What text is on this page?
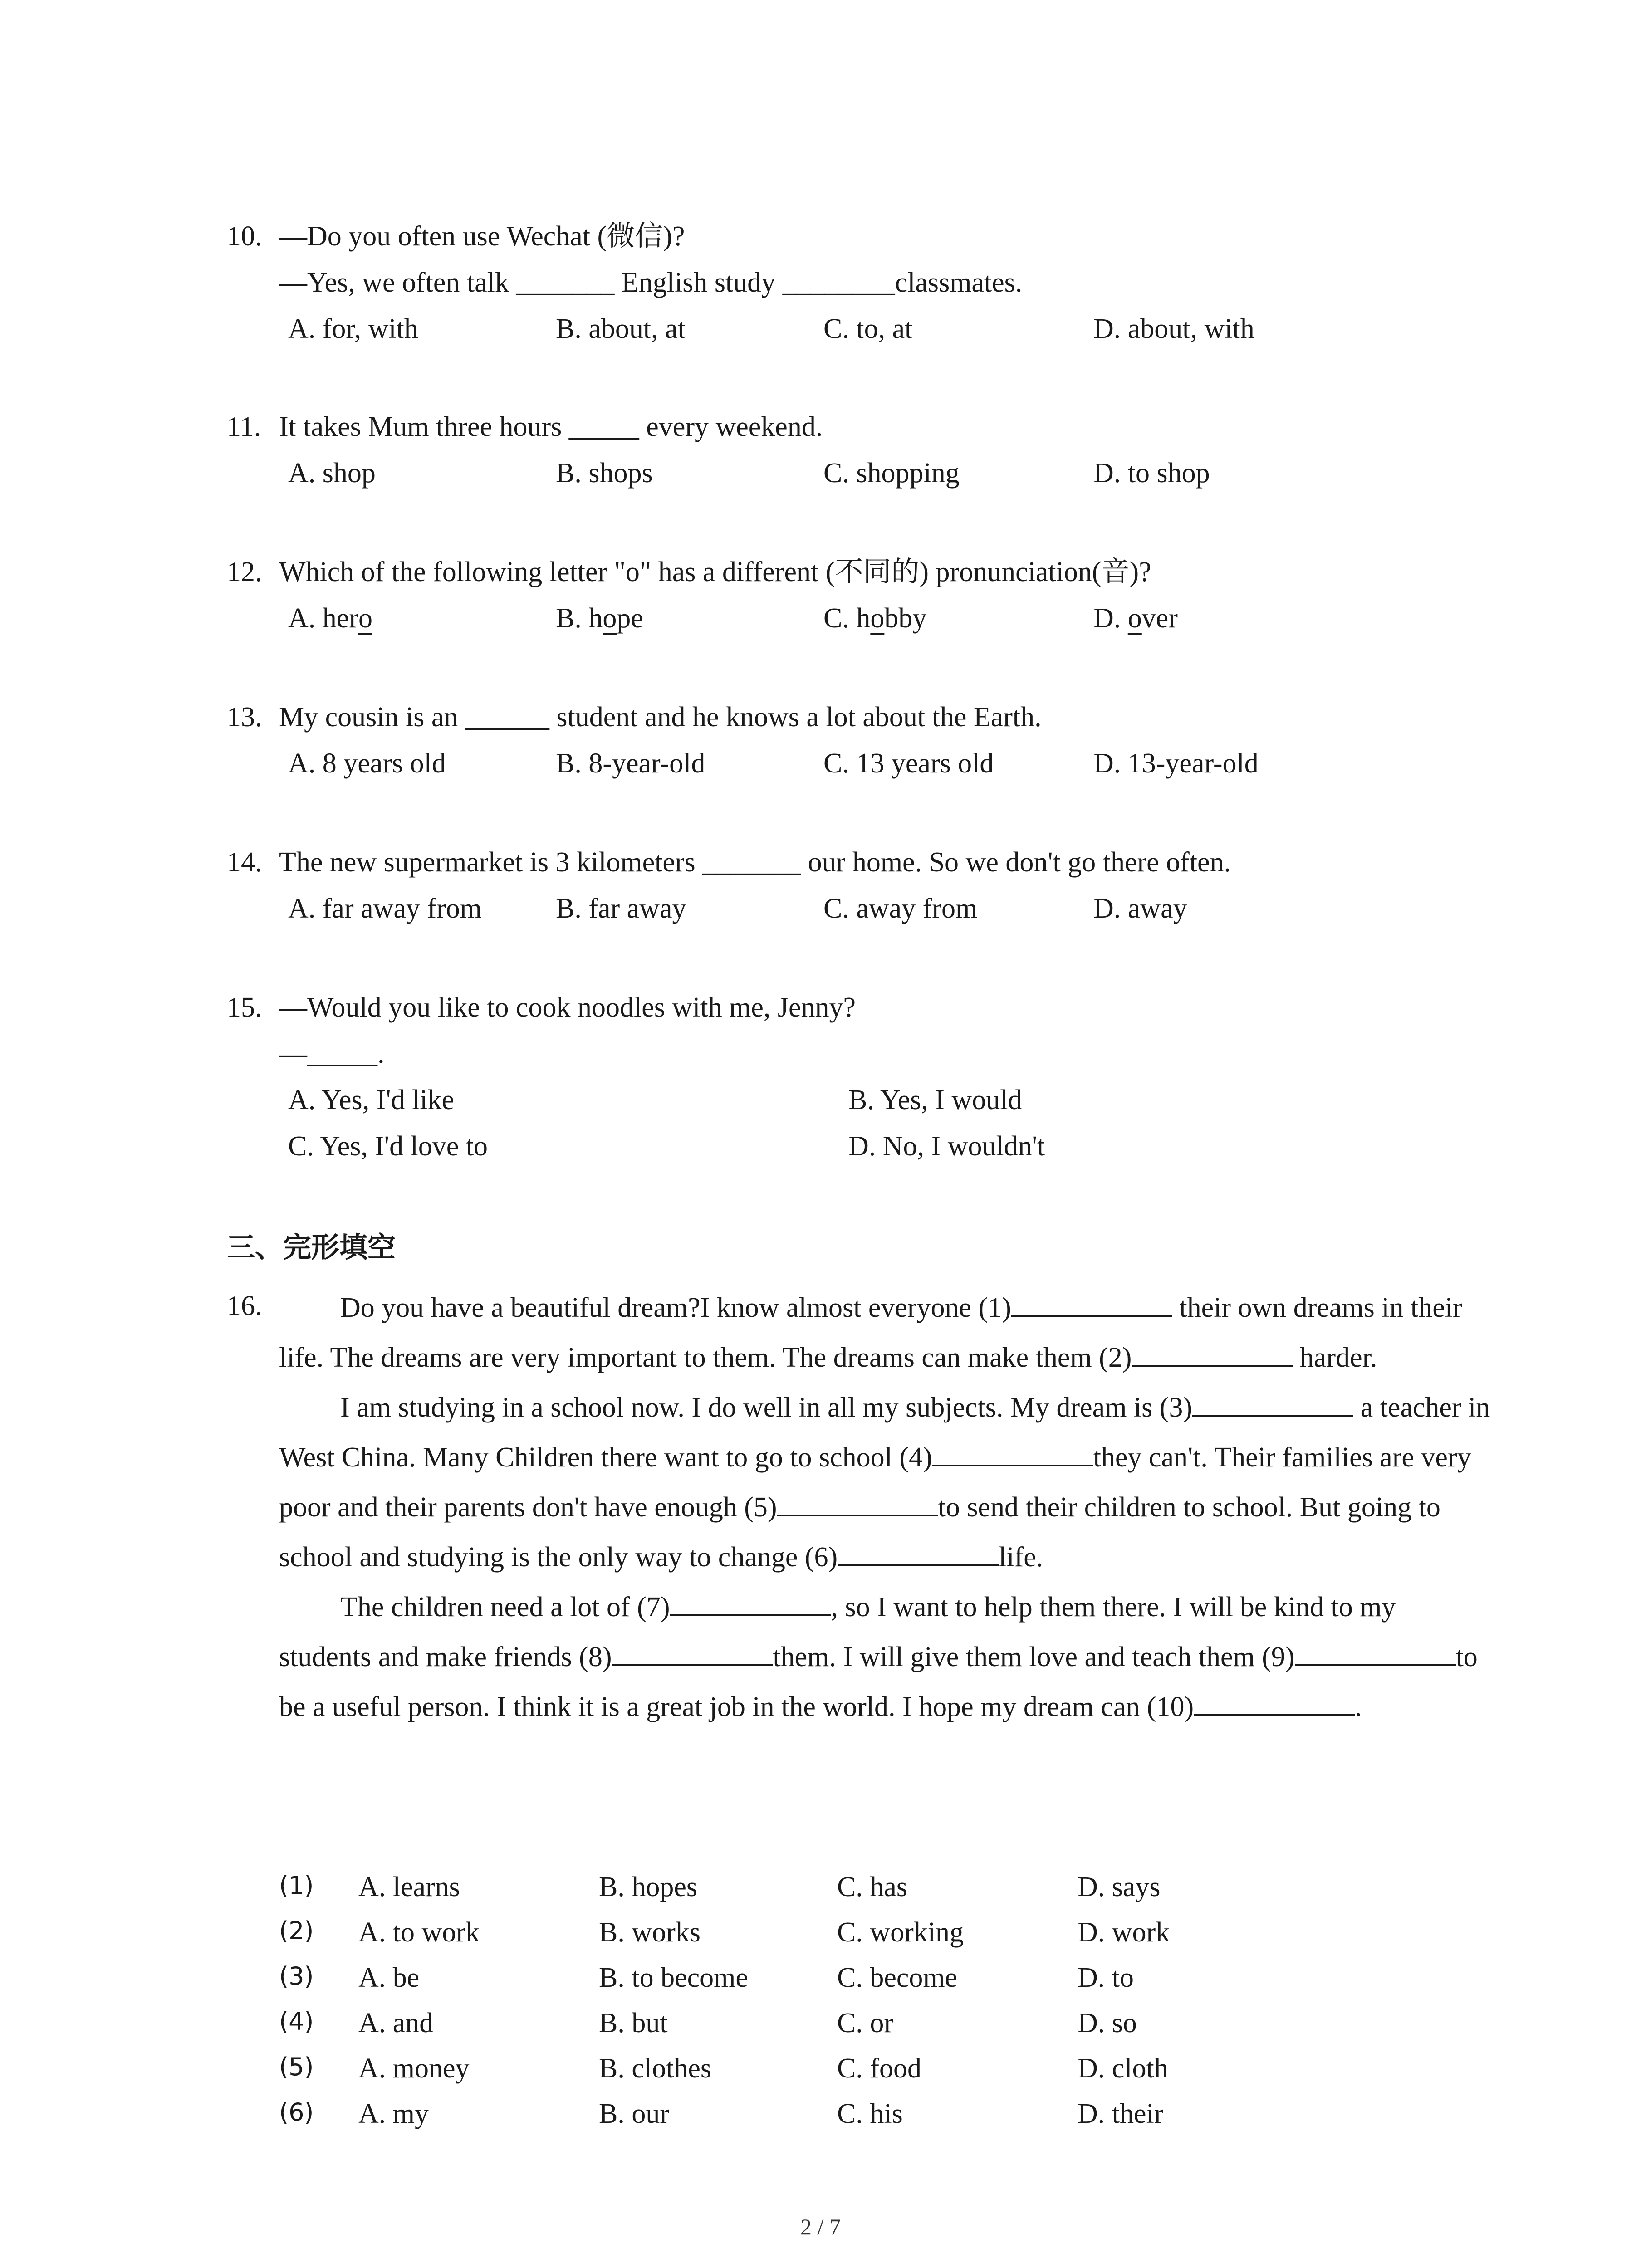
10. —Do you often use Wechat (微信)?
—Yes, we often talk _______ English study ________classmates.
A. for, with	B. about, at	C. to, at	D. about, with
11. It takes Mum three hours _____ every weekend.
A. shop	B. shops	C. shopping	D. to shop
12. Which of the following letter "o" has a different (不同的) pronunciation(音)?
A. hero	B. hope	C. hobby	D. over
13. My cousin is an ______ student and he knows a lot about the Earth.
A. 8 years old	B. 8-year-old	C. 13 years old	D. 13-year-old
14. The new supermarket is 3 kilometers _______ our home. So we don't go there often.
A. far away from	B. far away	C. away from	D. away
15. —Would you like to cook noodles with me, Jenny?
—_____.
A. Yes, I'd like	B. Yes, I would
C. Yes, I'd love to	D. No, I wouldn't
三、完形填空
16.	Do you have a beautiful dream?I know almost everyone (1)	their own dreams in their life. The dreams are very important to them. The dreams can make them (2)	harder.

I am studying in a school now. I do well in all my subjects. My dream is (3)	a teacher in West China. Many Children there want to go to school (4)	they can't. Their families are very poor and their parents don't have enough (5)	to send their children to school. But going to school and studying is the only way to change (6)	life.

The children need a lot of (7)	, so I want to help them there. I will be kind to my students and make friends (8)	them. I will give them love and teach them (9)	to be a useful person. I think it is a great job in the world. I hope my dream can (10)	.

(1) A. learns	B. hopes	C. has	D. says
(2) A. to work	B. works	C. working	D. work
(3) A. be	B. to become	C. become	D. to
(4) A. and	B. but	C. or	D. so
(5) A. money	B. clothes	C. food	D. cloth
(6) A. my	B. our	C. his	D. their
2 / 7
